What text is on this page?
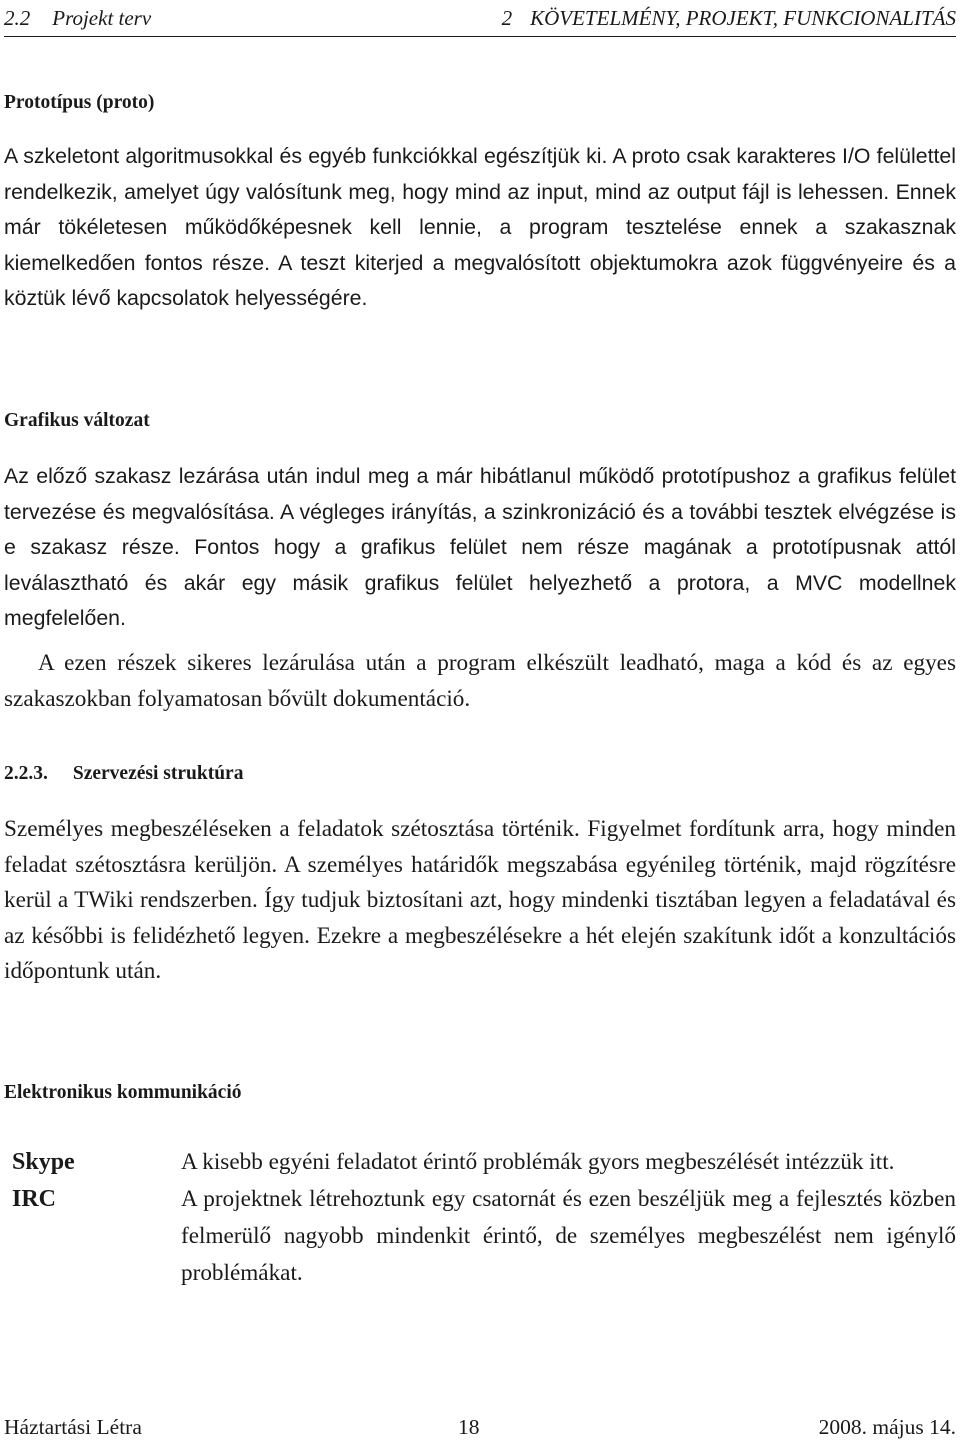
2.2 Projekt terv	2 KÖVETELMÉNY, PROJEKT, FUNKCIONALITÁS
Prototípus (proto)

A szkeletont algoritmusokkal és egyéb funkciókkal egészítjük ki. A proto csak karakteres I/O felülettel rendelkezik, amelyet úgy valósítunk meg, hogy mind az input, mind az output fájl is lehessen. Ennek már tökéletesen működőképesnek kell lennie, a program tesztelése ennek a szakasznak kiemelkedően fontos része. A teszt kiterjed a megvalósított objektumokra azok függvényeire és a köztük lévő kapcsolatok helyességére.

Grafikus változat

Az előző szakasz lezárása után indul meg a már hibátlanul működő prototípushoz a grafikus felület tervezése és megvalósítása. A végleges irányítás, a szinkronizáció és a további tesztek elvégzése is e szakasz része. Fontos hogy a grafikus felület nem része magának a prototípusnak attól leválasztható és akár egy másik grafikus felület helyezhető a protora, a MVC modellnek megfelelően.

A ezen részek sikeres lezárulása után a program elkészült leadható, maga a kód és az egyes szakaszokban folyamatosan bővült dokumentáció.

2.2.3. Szervezési struktúra

Személyes megbeszéléseken a feladatok szétosztása történik. Figyelmet fordítunk arra, hogy minden feladat szétosztásra kerüljön. A személyes határidők megszabása egyénileg történik, majd rögzítésre kerül a TWiki rendszerben. Így tudjuk biztosítani azt, hogy mindenki tisztában legyen a feladatával és az későbbi is felidézhető legyen. Ezekre a megbeszélésekre a hét elején szakítunk időt a konzultációs időpontunk után.

Elektronikus kommunikáció
Skype	A kisebb egyéni feladatot érintő problémák gyors megbeszélését intézzük itt.
IRC	A projektnek létrehoztunk egy csatornát és ezen beszéljük meg a fejlesztés közben felmerülő nagyobb mindenkit érintő, de személyes megbeszélést nem igénylő problémákat.
Háztartási Létra	18	2008. május 14.
